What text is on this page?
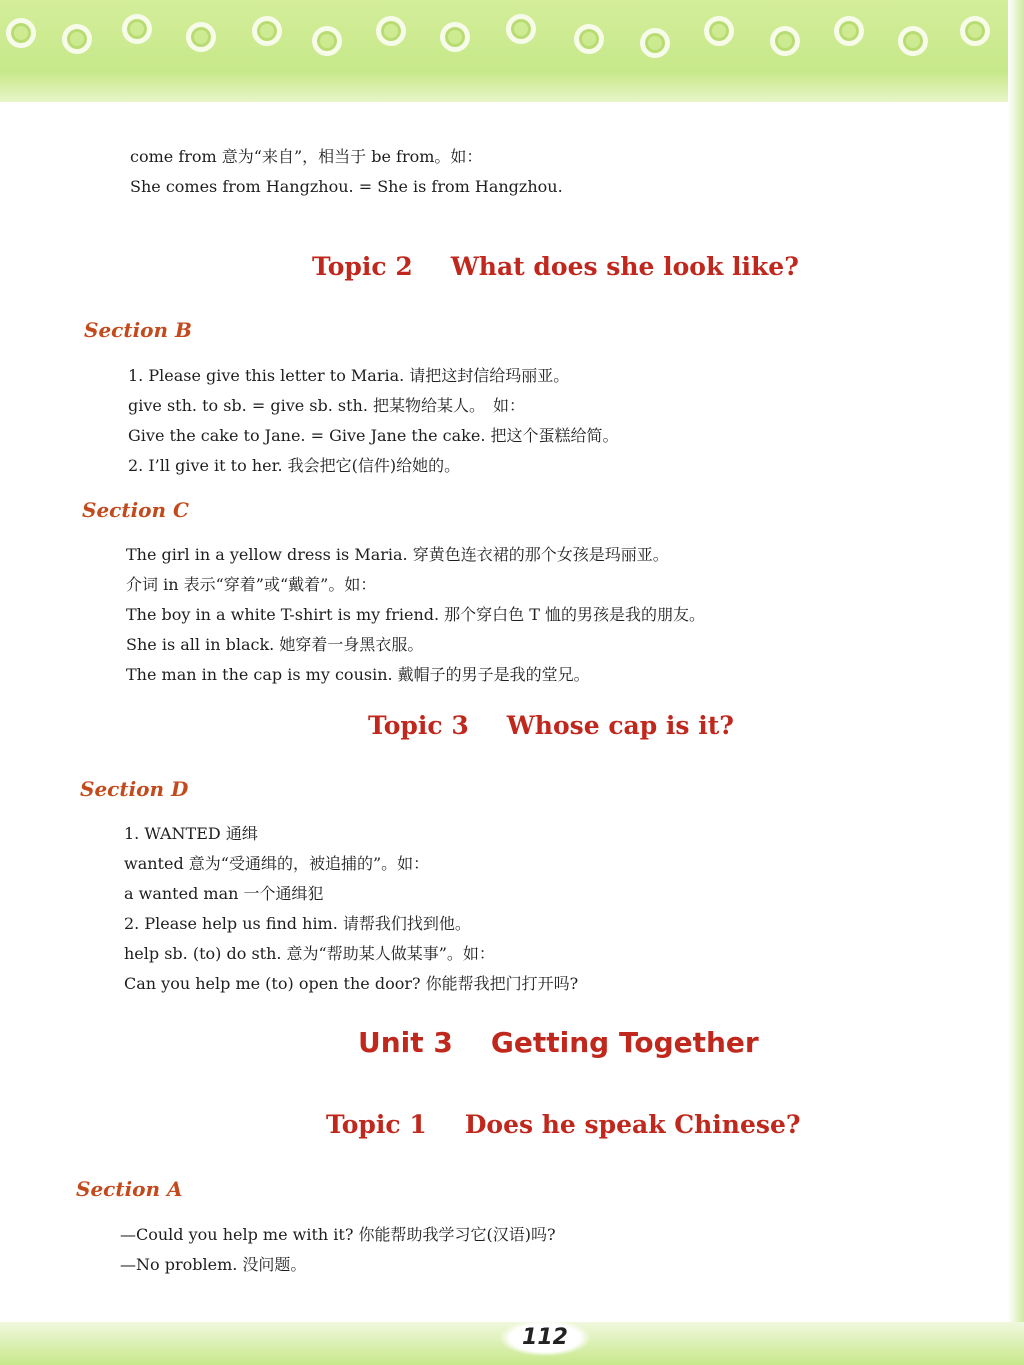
come from 意为“来自”，相当于 be from。如：
She comes from Hangzhou. = She is from Hangzhou.
Topic 2 What does she look like?
Section B
1. Please give this letter to Maria. 请把这封信给玛丽亚。
give sth. to sb. = give sb. sth. 把某物给某人。　如：
Give the cake to Jane. = Give Jane the cake. 把这个蛋糕给简。
2. I’ll give it to her. 我会把它(信件)给她的。
Section C
The girl in a yellow dress is Maria. 穿黄色连衣裙的那个女孩是玛丽亚。
介词 in 表示“穿着”或“戴着”。如：
The boy in a white T-shirt is my friend. 那个穿白色 T 恤的男孩是我的朋友。
She is all in black. 她穿着一身黑衣服。
The man in the cap is my cousin. 戴帽子的男子是我的堂兄。
Topic 3 Whose cap is it?
Section D
1. WANTED 通缉
wanted 意为“受通缉的，被追捕的”。如：
a wanted man 一个通缉犯
2. Please help us find him. 请帮我们找到他。
help sb. (to) do sth. 意为“帮助某人做某事”。如：
Can you help me (to) open the door? 你能帮我把门打开吗?
Unit 3 Getting Together
Topic 1 Does he speak Chinese?
Section A
—Could you help me with it? 你能帮助我学习它(汉语)吗?
—No problem. 没问题。
112
